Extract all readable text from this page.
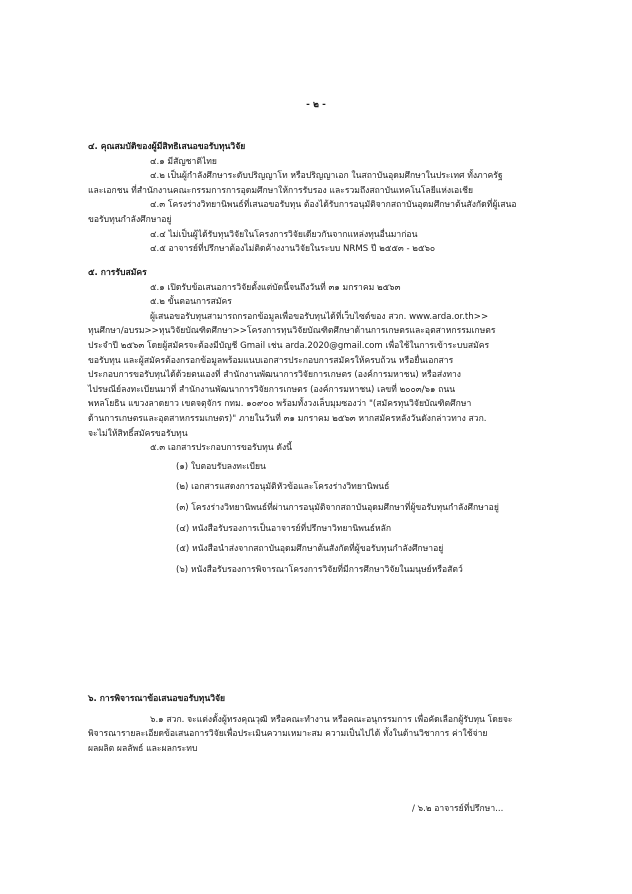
- ๒ -
๔. คุณสมบัติของผู้มีสิทธิเสนอขอรับทุนวิจัย
๔.๑ มีสัญชาติไทย
๔.๒ เป็นผู้กำลังศึกษาระดับปริญญาโท หรือปริญญาเอก ในสถาบันอุดมศึกษาในประเทศ ทั้งภาครัฐ
และเอกชน ที่สำนักงานคณะกรรมการการอุดมศึกษาให้การรับรอง และรวมถึงสถาบันเทคโนโลยีแห่งเอเชีย
๔.๓ โครงร่างวิทยานิพนธ์ที่เสนอขอรับทุน ต้องได้รับการอนุมัติจากสถาบันอุดมศึกษาต้นสังกัดที่ผู้เสนอ
ขอรับทุนกำลังศึกษาอยู่
๔.๔ ไม่เป็นผู้ได้รับทุนวิจัยในโครงการวิจัยเดียวกันจากแหล่งทุนอื่นมาก่อน
๔.๕ อาจารย์ที่ปรึกษาต้องไม่ติดค้างงานวิจัยในระบบ NRMS ปี ๒๕๕๓ - ๒๕๖๐
๕. การรับสมัคร
๕.๑ เปิดรับข้อเสนอการวิจัยตั้งแต่บัดนี้จนถึงวันที่ ๓๑ มกราคม ๒๕๖๓
๕.๒ ขั้นตอนการสมัคร
ผู้เสนอขอรับทุนสามารถกรอกข้อมูลเพื่อขอรับทุนได้ที่เว็บไซต์ของ สวก. www.arda.or.th>>
ทุนศึกษา/อบรม>>ทุนวิจัยบัณฑิตศึกษา>>โครงการทุนวิจัยบัณฑิตศึกษาด้านการเกษตรและอุตสาหกรรมเกษตร
ประจำปี ๒๕๖๓ โดยผู้สมัครจะต้องมีบัญชี Gmail เช่น arda.2020@gmail.com เพื่อใช้ในการเข้าระบบสมัคร
ขอรับทุน และผู้สมัครต้องกรอกข้อมูลพร้อมแนบเอกสารประกอบการสมัครให้ครบถ้วน หรือยื่นเอกสาร
ประกอบการขอรับทุนได้ด้วยตนเองที่ สำนักงานพัฒนาการวิจัยการเกษตร (องค์การมหาชน) หรือส่งทาง
ไปรษณีย์ลงทะเบียนมาที่ สำนักงานพัฒนาการวิจัยการเกษตร (องค์การมหาชน) เลขที่ ๒๐๐๓/๖๑ ถนน
พหลโยธิน แขวงลาดยาว เขตจตุจักร กทม. ๑๐๙๐๐ พร้อมทั้งวงเล็บมุมซองว่า "(สมัครทุนวิจัยบัณฑิตศึกษา
ด้านการเกษตรและอุตสาหกรรมเกษตร)" ภายในวันที่ ๓๑ มกราคม ๒๕๖๓ หากสมัครหลังวันดังกล่าวทาง สวก.
จะไม่ให้สิทธิ์สมัครขอรับทุน
๕.๓ เอกสารประกอบการขอรับทุน ดังนี้
(๑) ใบตอบรับลงทะเบียน
(๒) เอกสารแสดงการอนุมัติหัวข้อและโครงร่างวิทยานิพนธ์
(๓) โครงร่างวิทยานิพนธ์ที่ผ่านการอนุมัติจากสถาบันอุดมศึกษาที่ผู้ขอรับทุนกำลังศึกษาอยู่
(๔) หนังสือรับรองการเป็นอาจารย์ที่ปรึกษาวิทยานิพนธ์หลัก
(๕) หนังสือนำส่งจากสถาบันอุดมศึกษาต้นสังกัดที่ผู้ขอรับทุนกำลังศึกษาอยู่
(๖) หนังสือรับรองการพิจารณาโครงการวิจัยที่มีการศึกษาวิจัยในมนุษย์หรือสัตว์
๖. การพิจารณาข้อเสนอขอรับทุนวิจัย
๖.๑ สวก. จะแต่งตั้งผู้ทรงคุณวุฒิ หรือคณะทำงาน หรือคณะอนุกรรมการ เพื่อคัดเลือกผู้รับทุน โดยจะ
พิจารณารายละเอียดข้อเสนอการวิจัยเพื่อประเมินความเหมาะสม ความเป็นไปได้ ทั้งในด้านวิชาการ ค่าใช้จ่าย
ผลผลิต ผลลัพธ์ และผลกระทบ
/ ๖.๒ อาจารย์ที่ปรึกษา...
